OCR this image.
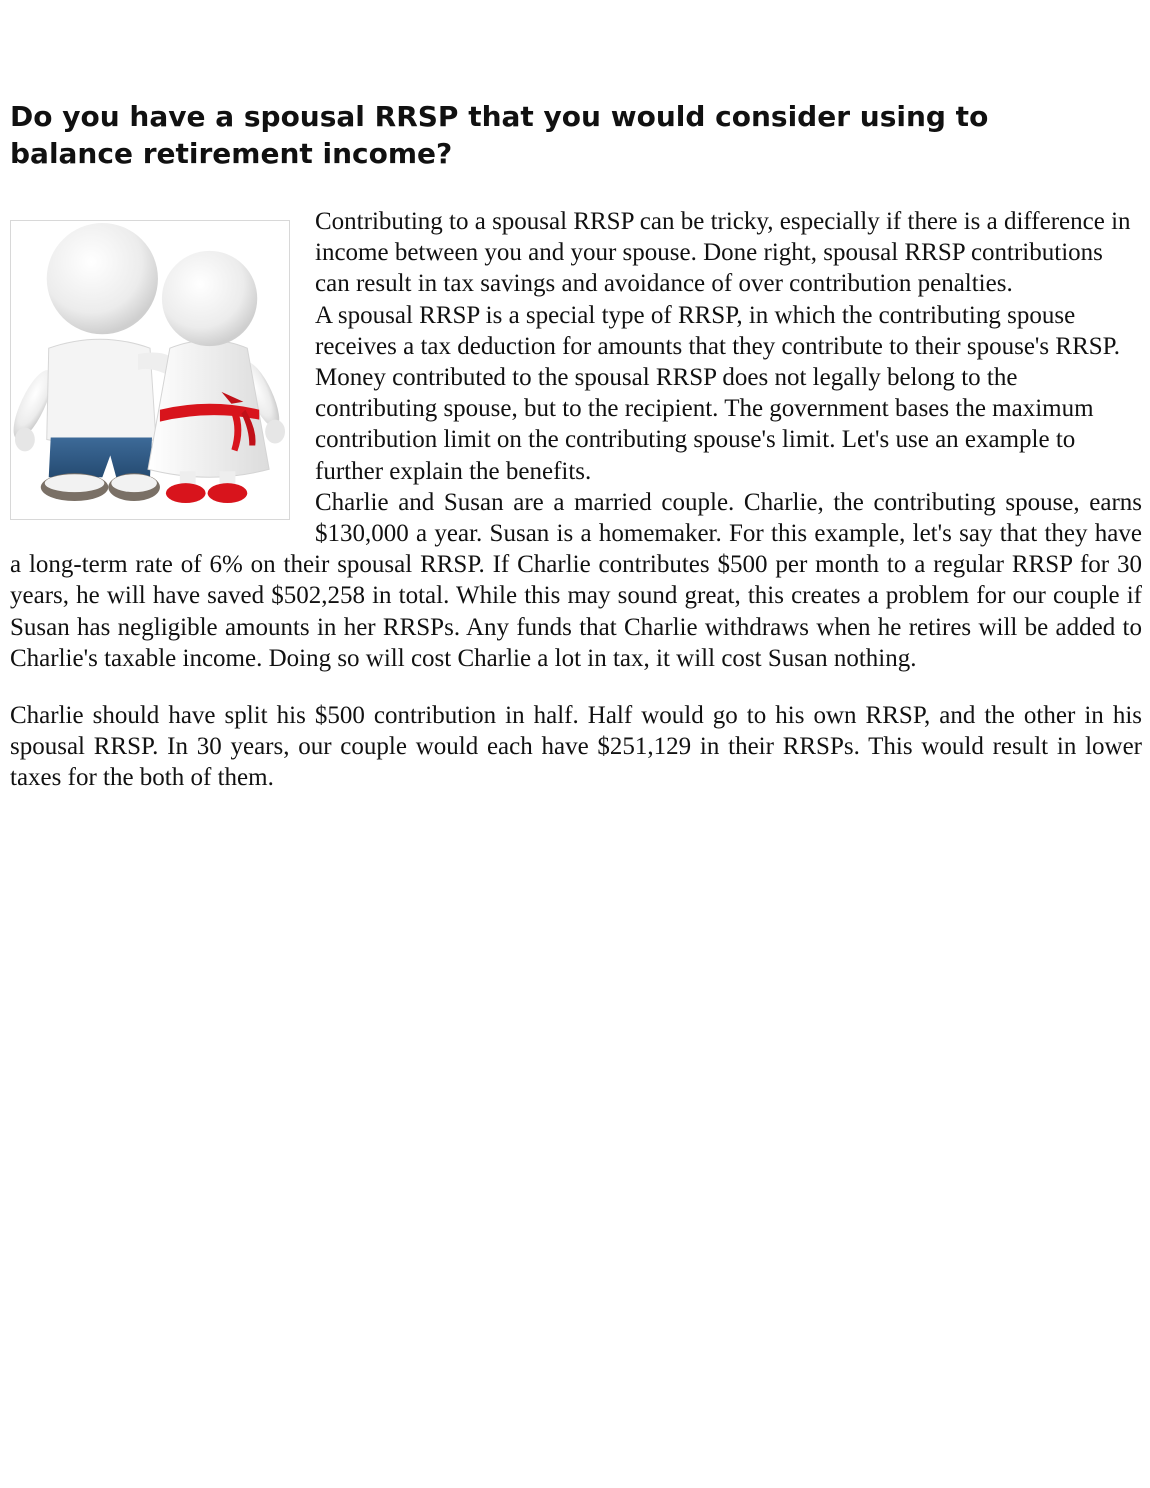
Do you have a spousal RRSP that you would consider using to balance retirement income?

Contributing to a spousal RRSP can be tricky, especially if there is a difference in income between you and your spouse. Done right, spousal RRSP contributions can result in tax savings and avoidance of over contribution penalties.

A spousal RRSP is a special type of RRSP, in which the contributing spouse receives a tax deduction for amounts that they contribute to their spouse's RRSP. Money contributed to the spousal RRSP does not legally belong to the contributing spouse, but to the recipient. The government bases the maximum contribution limit on the contributing spouse's limit. Let's use an example to further explain the benefits.

Charlie and Susan are a married couple. Charlie, the contributing spouse, earns $130,000 a year. Susan is a homemaker. For this example, let's say that they have a long-term rate of 6% on their spousal RRSP. If Charlie contributes $500 per month to a regular RRSP for 30 years, he will have saved $502,258 in total. While this may sound great, this creates a problem for our couple if Susan has negligible amounts in her RRSPs. Any funds that Charlie withdraws when he retires will be added to Charlie's taxable income. Doing so will cost Charlie a lot in tax, it will cost Susan nothing.

Charlie should have split his $500 contribution in half. Half would go to his own RRSP, and the other in his spousal RRSP. In 30 years, our couple would each have $251,129 in their RRSPs. This would result in lower taxes for the both of them.
